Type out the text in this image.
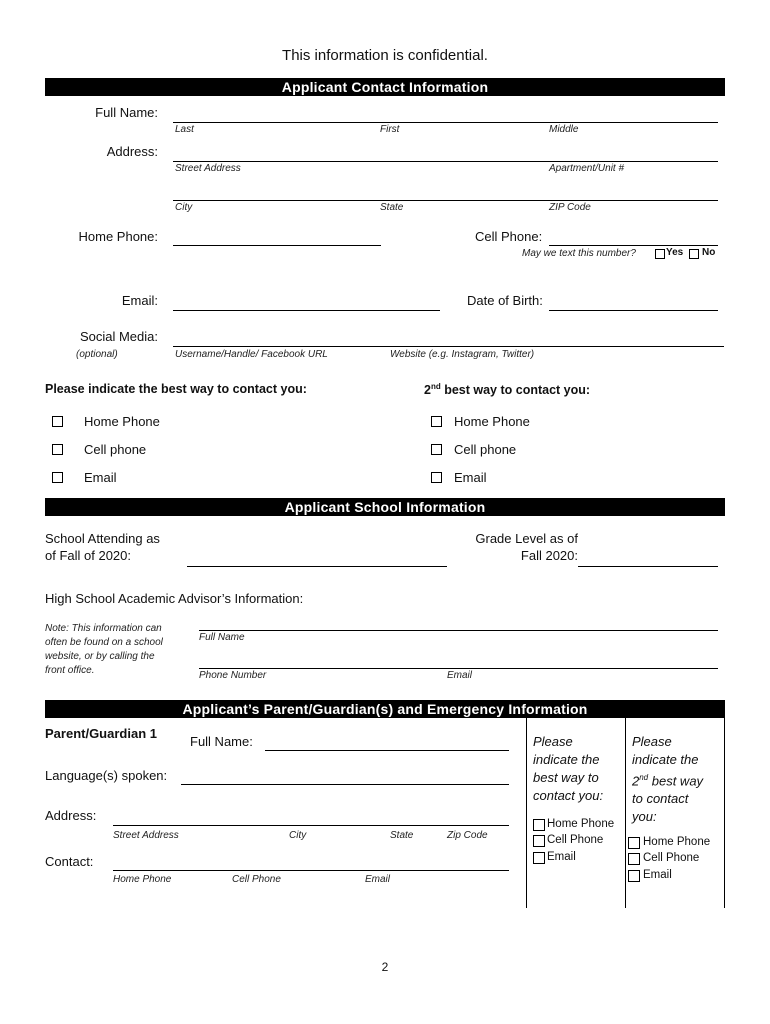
This information is confidential.
Applicant Contact Information
Full Name:
Last	First	Middle
Address:
Street Address	Apartment/Unit #
City	State	ZIP Code
Home Phone:	Cell Phone:
May we text this number?	Yes No
Email:	Date of Birth:
Social Media:
(optional)	Username/Handle/ Facebook URL	Website (e.g. Instagram, Twitter)
Please indicate the best way to contact you:	2nd best way to contact you:
Home Phone
Cell phone
Email
Home Phone
Cell phone
Email
Applicant School Information
School Attending as
of Fall of 2020:
Grade Level as of
Fall 2020:
High School Academic Advisor’s Information:
Note: This information can
often be found on a school
website, or by calling the
front office.
Full Name
Phone Number	Email
Applicant’s Parent/Guardian(s) and Emergency Information
Parent/Guardian 1
Full Name:
Language(s) spoken:
Address:
Street Address	City	State	Zip Code
Contact:
Home Phone	Cell Phone	Email
Please
indicate the
best way to
contact you:
Home Phone
Cell Phone
Email
Please
indicate the
2nd best way
to contact
you:
Home Phone
Cell Phone
Email
2
